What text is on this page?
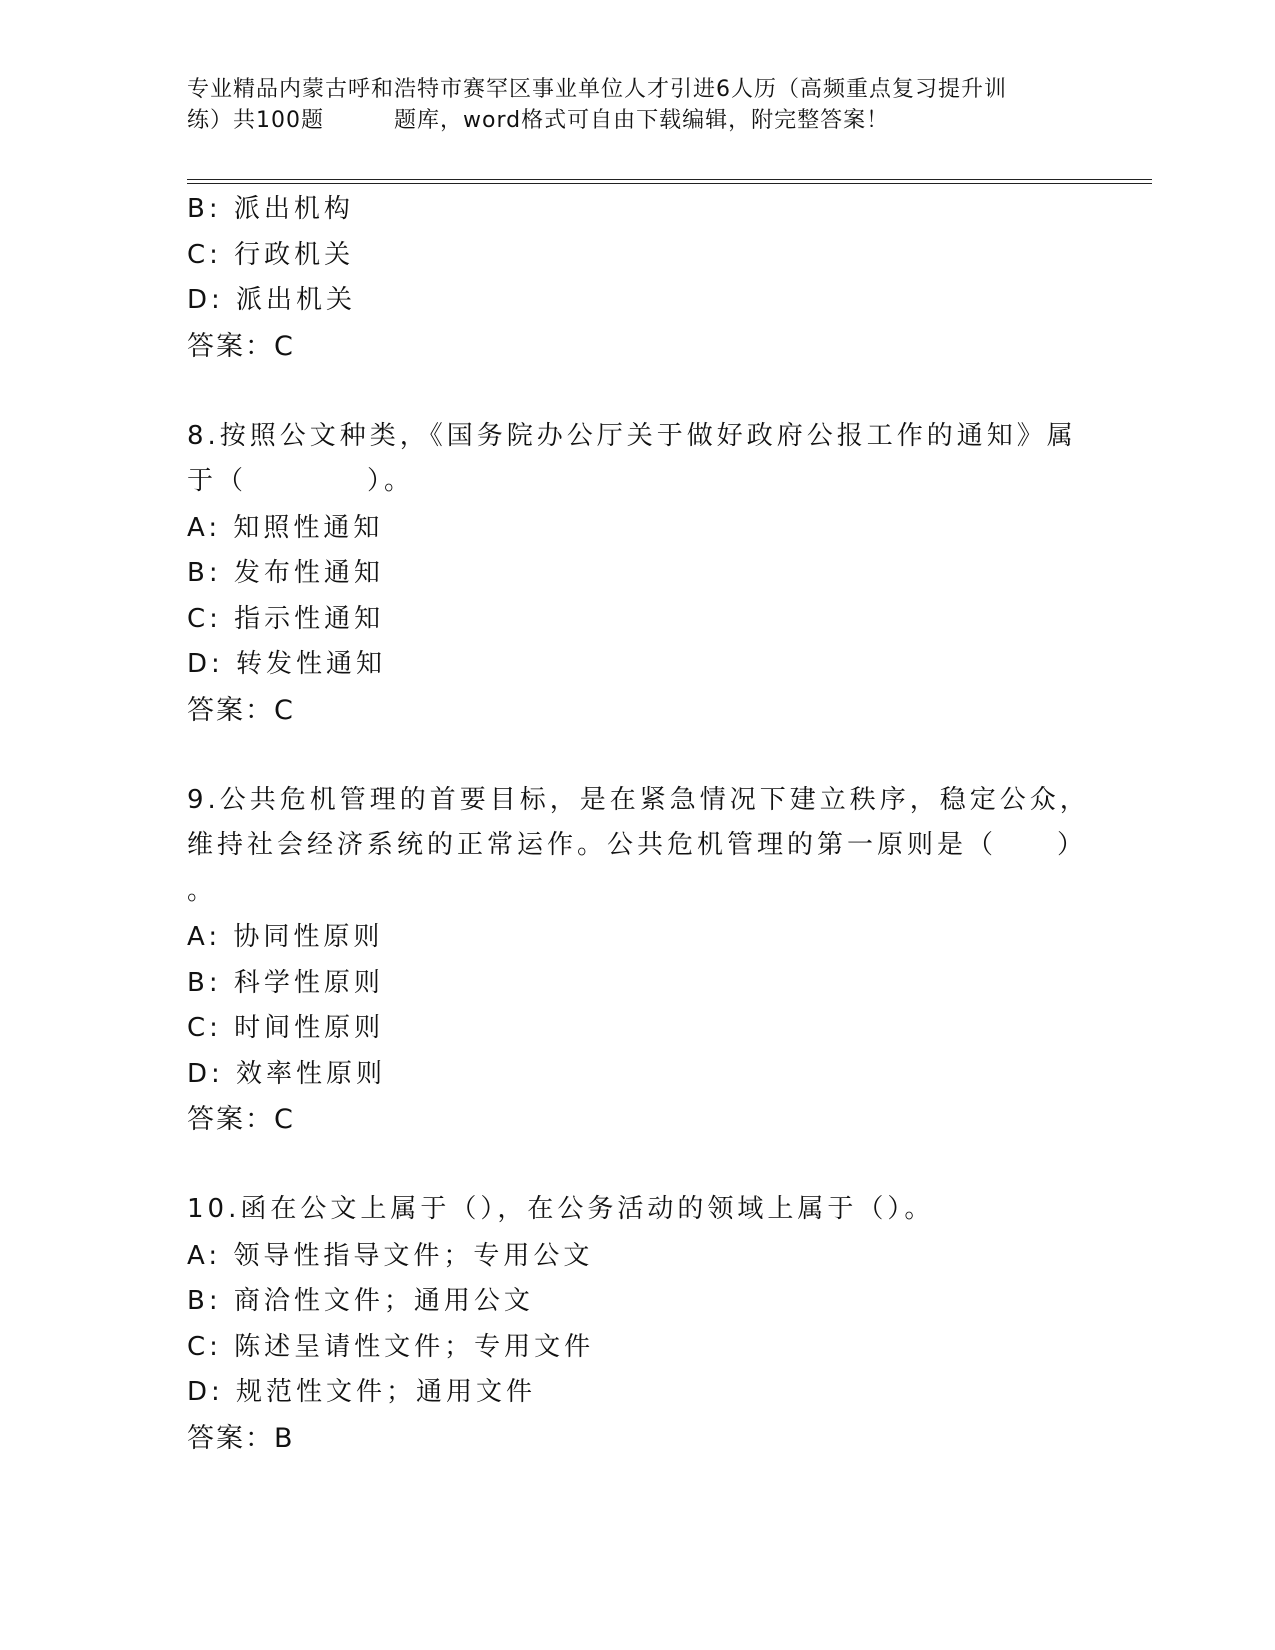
专业精品内蒙古呼和浩特市赛罕区事业单位人才引进6人历（高频重点复习提升训
练）共100题	题库，word格式可自由下载编辑，附完整答案！
B: 派出机构
C: 行政机关
D: 派出机关
答案：C
8.按照公文种类，《国务院办公厅关于做好政府公报工作的通知》属
于（　　　　）。
A: 知照性通知
B: 发布性通知
C: 指示性通知
D: 转发性通知
答案：C
9.公共危机管理的首要目标，是在紧急情况下建立秩序，稳定公众，
维持社会经济系统的正常运作。公共危机管理的第一原则是（　　）
。
A: 协同性原则
B: 科学性原则
C: 时间性原则
D: 效率性原则
答案：C
10.函在公文上属于（），在公务活动的领域上属于（）。
A: 领导性指导文件；专用公文
B: 商洽性文件；通用公文
C: 陈述呈请性文件；专用文件
D: 规范性文件；通用文件
答案：B
